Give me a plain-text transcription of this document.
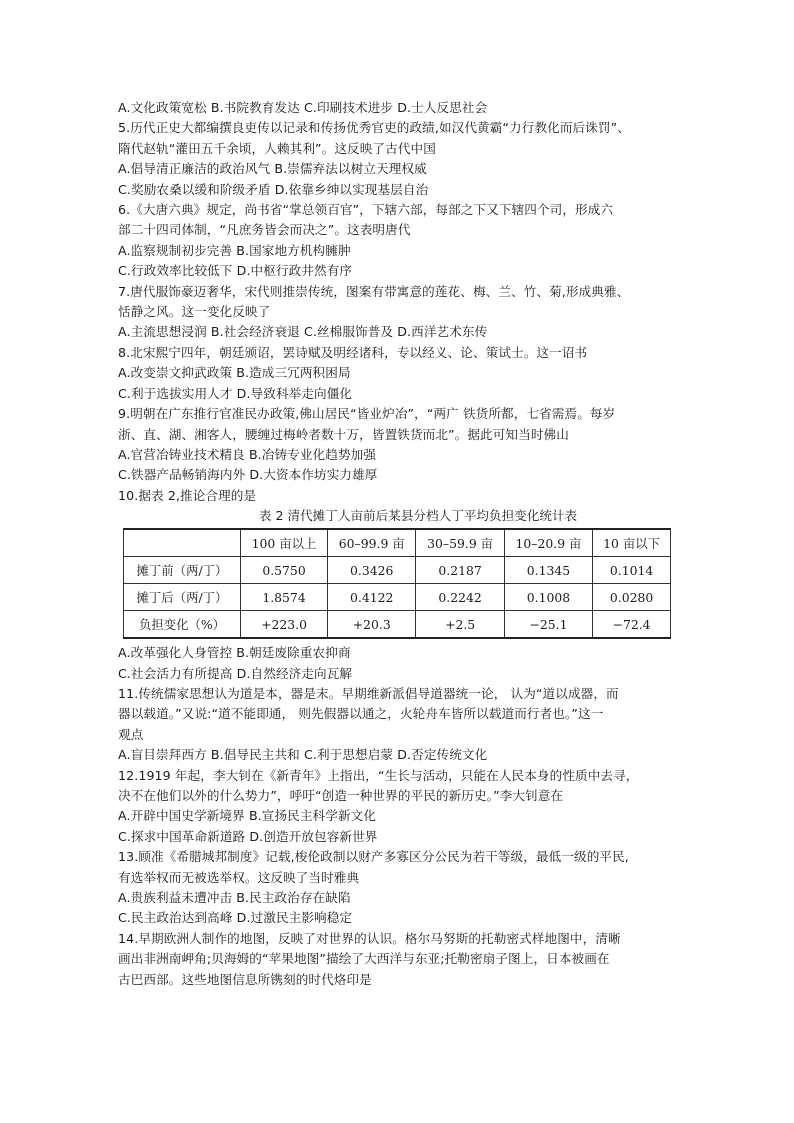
A.文化政策宽松 B.书院教育发达 C.印刷技术进步 D.士人反思社会
5.历代正史大都编撰良吏传以记录和传扬优秀官吏的政绩,如汉代黄霸“力行教化而后诛罚”、
隋代赵轨“灌田五千余顷，人赖其利”。这反映了古代中国
A.倡导清正廉洁的政治风气 B.崇儒弃法以树立天理权威
C.奖励农桑以缓和阶级矛盾 D.依靠乡绅以实现基层自治
6.《大唐六典》规定，尚书省“掌总领百官”，下辖六部，每部之下又下辖四个司，形成六
部二十四司体制，“凡庶务皆会而决之”。这表明唐代
A.监察规制初步完善 B.国家地方机构臃肿
C.行政效率比较低下 D.中枢行政井然有序
7.唐代服饰豪迈奢华，宋代则推崇传统，图案有带寓意的莲花、梅、兰、竹、菊,形成典雅、
恬静之风。这一变化反映了
A.主流思想浸润 B.社会经济衰退 C.丝棉服饰普及 D.西洋艺术东传
8.北宋熙宁四年，朝廷颁诏，罢诗赋及明经诸科，专以经义、论、策试士。这一诏书
A.改变崇文抑武政策 B.造成三冗两积困局
C.利于选拔实用人才 D.导致科举走向僵化
9.明朝在广东推行官准民办政策,佛山居民“皆业炉冶”，“两广 铁货所都，七省需焉。每岁
浙、直、湖、湘客人，腰缠过梅岭者数十万，皆置铁货而北”。据此可知当时佛山
A.官营冶铸业技术精良 B.冶铸专业化趋势加强
C.铁器产品畅销海内外 D.大资本作坊实力雄厚
10.据表 2,推论合理的是
表 2 清代摊丁人亩前后某县分档人丁平均负担变化统计表
	100 亩以上	60–99.9 亩	30–59.9 亩	10–20.9 亩	10 亩以下
摊丁前（两/丁）	0.5750	0.3426	0.2187	0.1345	0.1014
摊丁后（两/丁）	1.8574	0.4122	0.2242	0.1008	0.0280
负担变化（%）	+223.0	+20.3	+2.5	−25.1	−72.4
A.改革强化人身管控 B.朝廷废除重农抑商
C.社会活力有所提高 D.自然经济走向瓦解
11.传统儒家思想认为道是本，器是末。早期维新派倡导道器统一论， 认为“道以成器，而
器以载道。”又说:“道不能即通， 则先假器以通之，火轮舟车皆所以载道而行者也。”这一
观点
A.盲目崇拜西方 B.倡导民主共和 C.利于思想启蒙 D.否定传统文化
12.1919 年起，李大钊在《新青年》上指出，“生长与活动，只能在人民本身的性质中去寻，
决不在他们以外的什么势力”，呼吁“创造一种世界的平民的新历史。”李大钊意在
A.开辟中国史学新境界 B.宣扬民主科学新文化
C.探求中国革命新道路 D.创造开放包容新世界
13.顾准《希腊城邦制度》记载,梭伦政制以财产多寡区分公民为若干等级，最低一级的平民,
有选举权而无被选举权。这反映了当时雅典
A.贵族利益未遭冲击 B.民主政治存在缺陷
C.民主政治达到高峰 D.过激民主影响稳定
14.早期欧洲人制作的地图，反映了对世界的认识。格尔马努斯的托勒密式样地图中，清晰
画出非洲南岬角;贝海姆的“苹果地图”描绘了大西洋与东亚;托勒密扇子图上，日本被画在
古巴西部。这些地图信息所镌刻的时代烙印是
